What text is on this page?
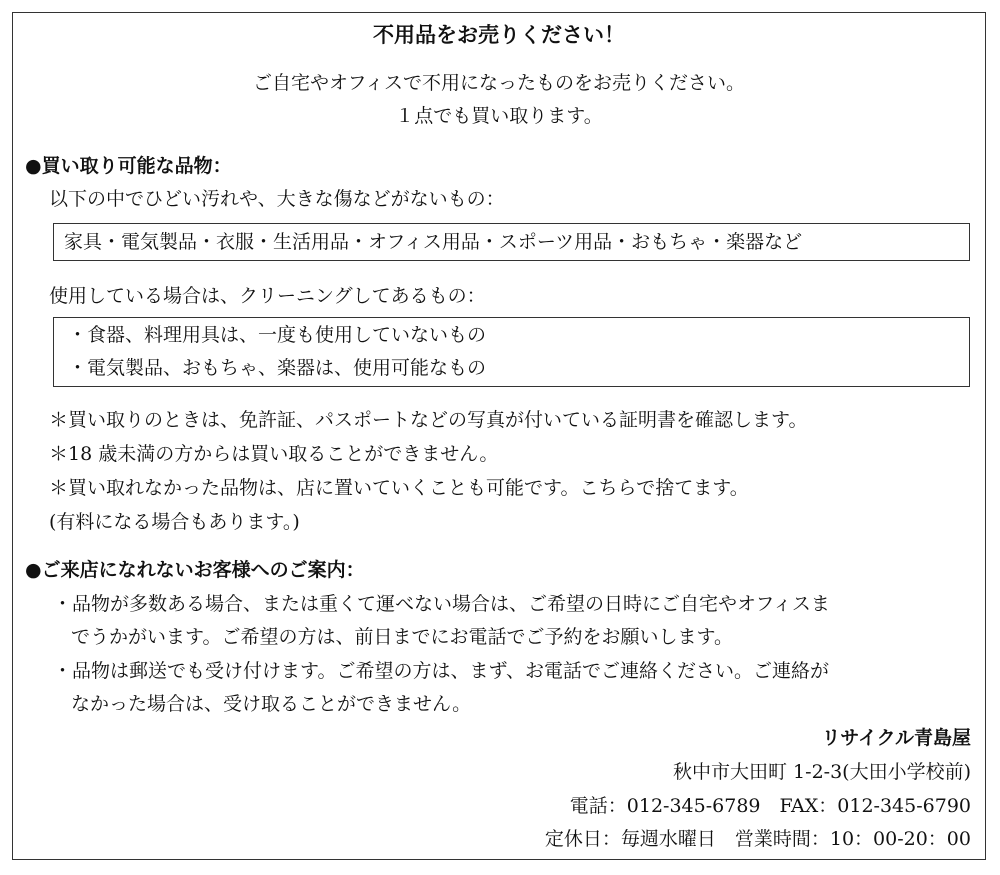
不用品をお売りください！
ご自宅やオフィスで不用になったものをお売りください。
１点でも買い取ります。
●買い取り可能な品物：
以下の中でひどい汚れや、大きな傷などがないもの：
家具・電気製品・衣服・生活用品・オフィス用品・スポーツ用品・おもちゃ・楽器など
使用している場合は、クリーニングしてあるもの：
・食器、料理用具は、一度も使用していないもの
・電気製品、おもちゃ、楽器は、使用可能なもの
＊買い取りのときは、免許証、パスポートなどの写真が付いている証明書を確認します。
＊18 歳未満の方からは買い取ることができません。
＊買い取れなかった品物は、店に置いていくことも可能です。こちらで捨てます。
(有料になる場合もあります。)
●ご来店になれないお客様へのご案内：
・品物が多数ある場合、または重くて運べない場合は、ご希望の日時にご自宅やオフィスま
でうかがいます。ご希望の方は、前日までにお電話でご予約をお願いします。
・品物は郵送でも受け付けます。ご希望の方は、まず、お電話でご連絡ください。ご連絡が
なかった場合は、受け取ることができません。
リサイクル青島屋
秋中市大田町 1-2-3(大田小学校前)
電話：012-345-6789　FAX：012-345-6790
定休日：毎週水曜日　営業時間：10：00-20：00
